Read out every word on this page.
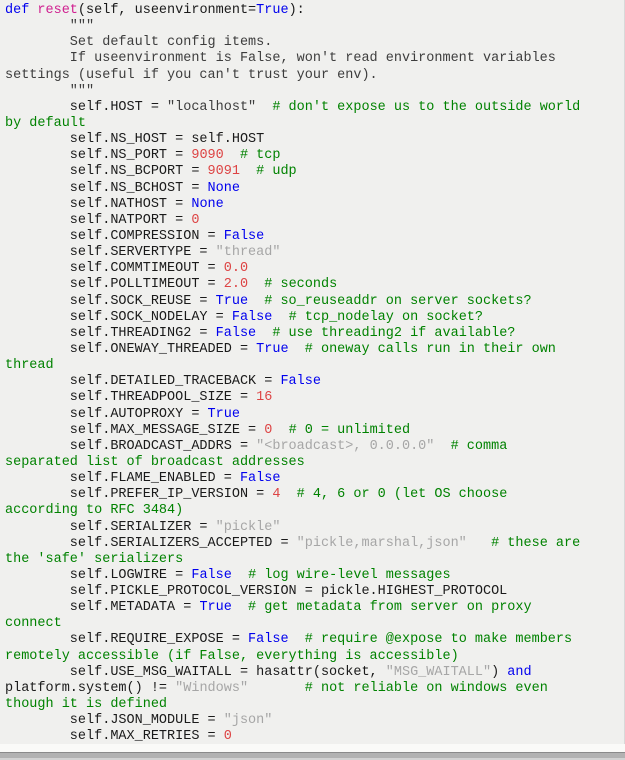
def reset(self, useenvironment=True):
"""
Set default config items.
If useenvironment is False, won't read environment variables
settings (useful if you can't trust your env).
"""
self.HOST = "localhost" # don't expose us to the outside world
by default
self.NS_HOST = self.HOST
self.NS_PORT = 9090 # tcp
self.NS_BCPORT = 9091 # udp
self.NS_BCHOST = None
self.NATHOST = None
self.NATPORT = 0
self.COMPRESSION = False
self.SERVERTYPE = "thread"
self.COMMTIMEOUT = 0.0
self.POLLTIMEOUT = 2.0 # seconds
self.SOCK_REUSE = True # so_reuseaddr on server sockets?
self.SOCK_NODELAY = False # tcp_nodelay on socket?
self.THREADING2 = False # use threading2 if available?
self.ONEWAY_THREADED = True # oneway calls run in their own
thread
self.DETAILED_TRACEBACK = False
self.THREADPOOL_SIZE = 16
self.AUTOPROXY = True
self.MAX_MESSAGE_SIZE = 0 # 0 = unlimited
self.BROADCAST_ADDRS = "<broadcast>, 0.0.0.0" # comma
separated list of broadcast addresses
self.FLAME_ENABLED = False
self.PREFER_IP_VERSION = 4 # 4, 6 or 0 (let OS choose
according to RFC 3484)
self.SERIALIZER = "pickle"
self.SERIALIZERS_ACCEPTED = "pickle,marshal,json" # these are
the 'safe' serializers
self.LOGWIRE = False # log wire-level messages
self.PICKLE_PROTOCOL_VERSION = pickle.HIGHEST_PROTOCOL
self.METADATA = True # get metadata from server on proxy
connect
self.REQUIRE_EXPOSE = False # require @expose to make members
remotely accessible (if False, everything is accessible)
self.USE_MSG_WAITALL = hasattr(socket, "MSG_WAITALL") and
platform.system() != "Windows"	# not reliable on windows even
though it is defined
self.JSON_MODULE = "json"
self.MAX_RETRIES = 0
